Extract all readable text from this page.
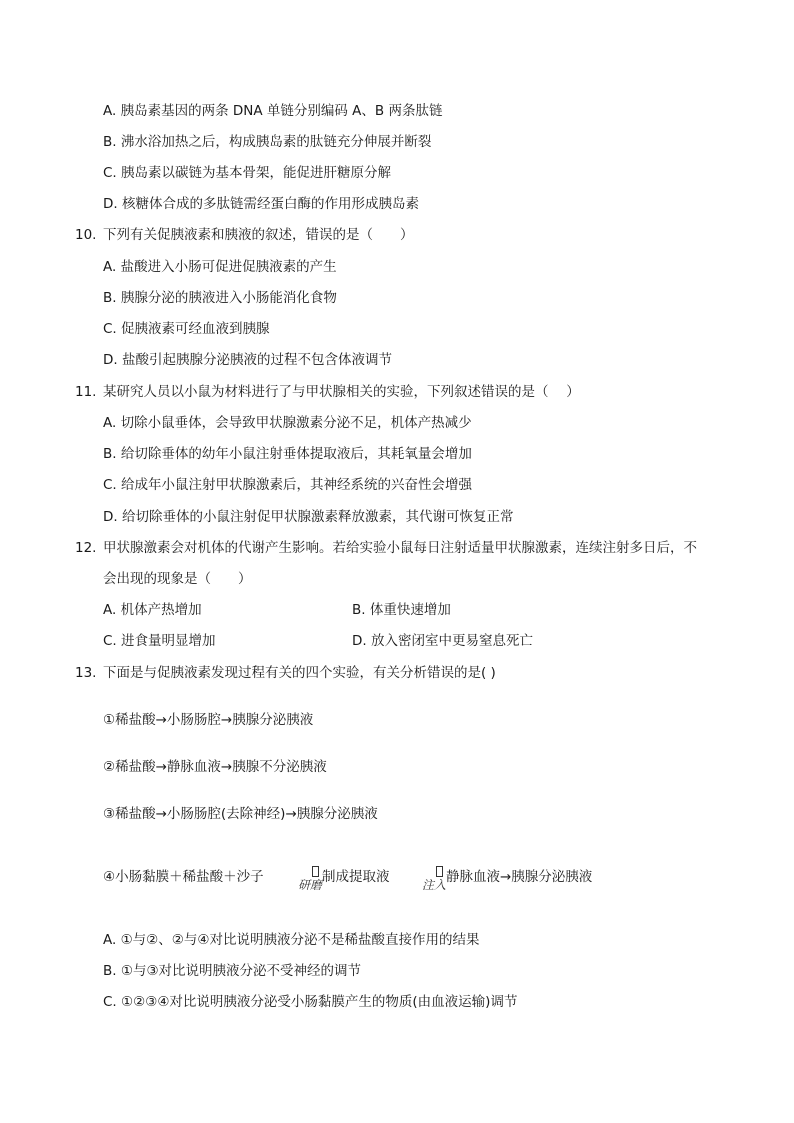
A. 胰岛素基因的两条 DNA 单链分别编码 A、B 两条肽链
B. 沸水浴加热之后，构成胰岛素的肽链充分伸展并断裂
C. 胰岛素以碳链为基本骨架，能促进肝糖原分解
D. 核糖体合成的多肽链需经蛋白酶的作用形成胰岛素
10. 下列有关促胰液素和胰液的叙述，错误的是（　　）
A. 盐酸进入小肠可促进促胰液素的产生
B. 胰腺分泌的胰液进入小肠能消化食物
C. 促胰液素可经血液到胰腺
D. 盐酸引起胰腺分泌胰液的过程不包含体液调节
11. 某研究人员以小鼠为材料进行了与甲状腺相关的实验，下列叙述错误的是（　 ）
A. 切除小鼠垂体，会导致甲状腺激素分泌不足，机体产热减少
B. 给切除垂体的幼年小鼠注射垂体提取液后，其耗氧量会增加
C. 给成年小鼠注射甲状腺激素后，其神经系统的兴奋性会增强
D. 给切除垂体的小鼠注射促甲状腺激素释放激素，其代谢可恢复正常
12. 甲状腺激素会对机体的代谢产生影响。若给实验小鼠每日注射适量甲状腺激素，连续注射多日后，不
会出现的现象是（　　）
A. 机体产热增加	B. 体重快速增加
C. 进食量明显增加	D. 放入密闭室中更易窒息死亡
13. 下面是与促胰液素发现过程有关的四个实验，有关分析错误的是( )
①稀盐酸→小肠肠腔→胰腺分泌胰液
②稀盐酸→静脉血液→胰腺不分泌胰液
③稀盐酸→小肠肠腔(去除神经)→胰腺分泌胰液
④小肠黏膜＋稀盐酸＋沙子	研磨 制成提取液	注入 静脉血液→胰腺分泌胰液
A. ①与②、②与④对比说明胰液分泌不是稀盐酸直接作用的结果
B. ①与③对比说明胰液分泌不受神经的调节
C. ①②③④对比说明胰液分泌受小肠黏膜产生的物质(由血液运输)调节
